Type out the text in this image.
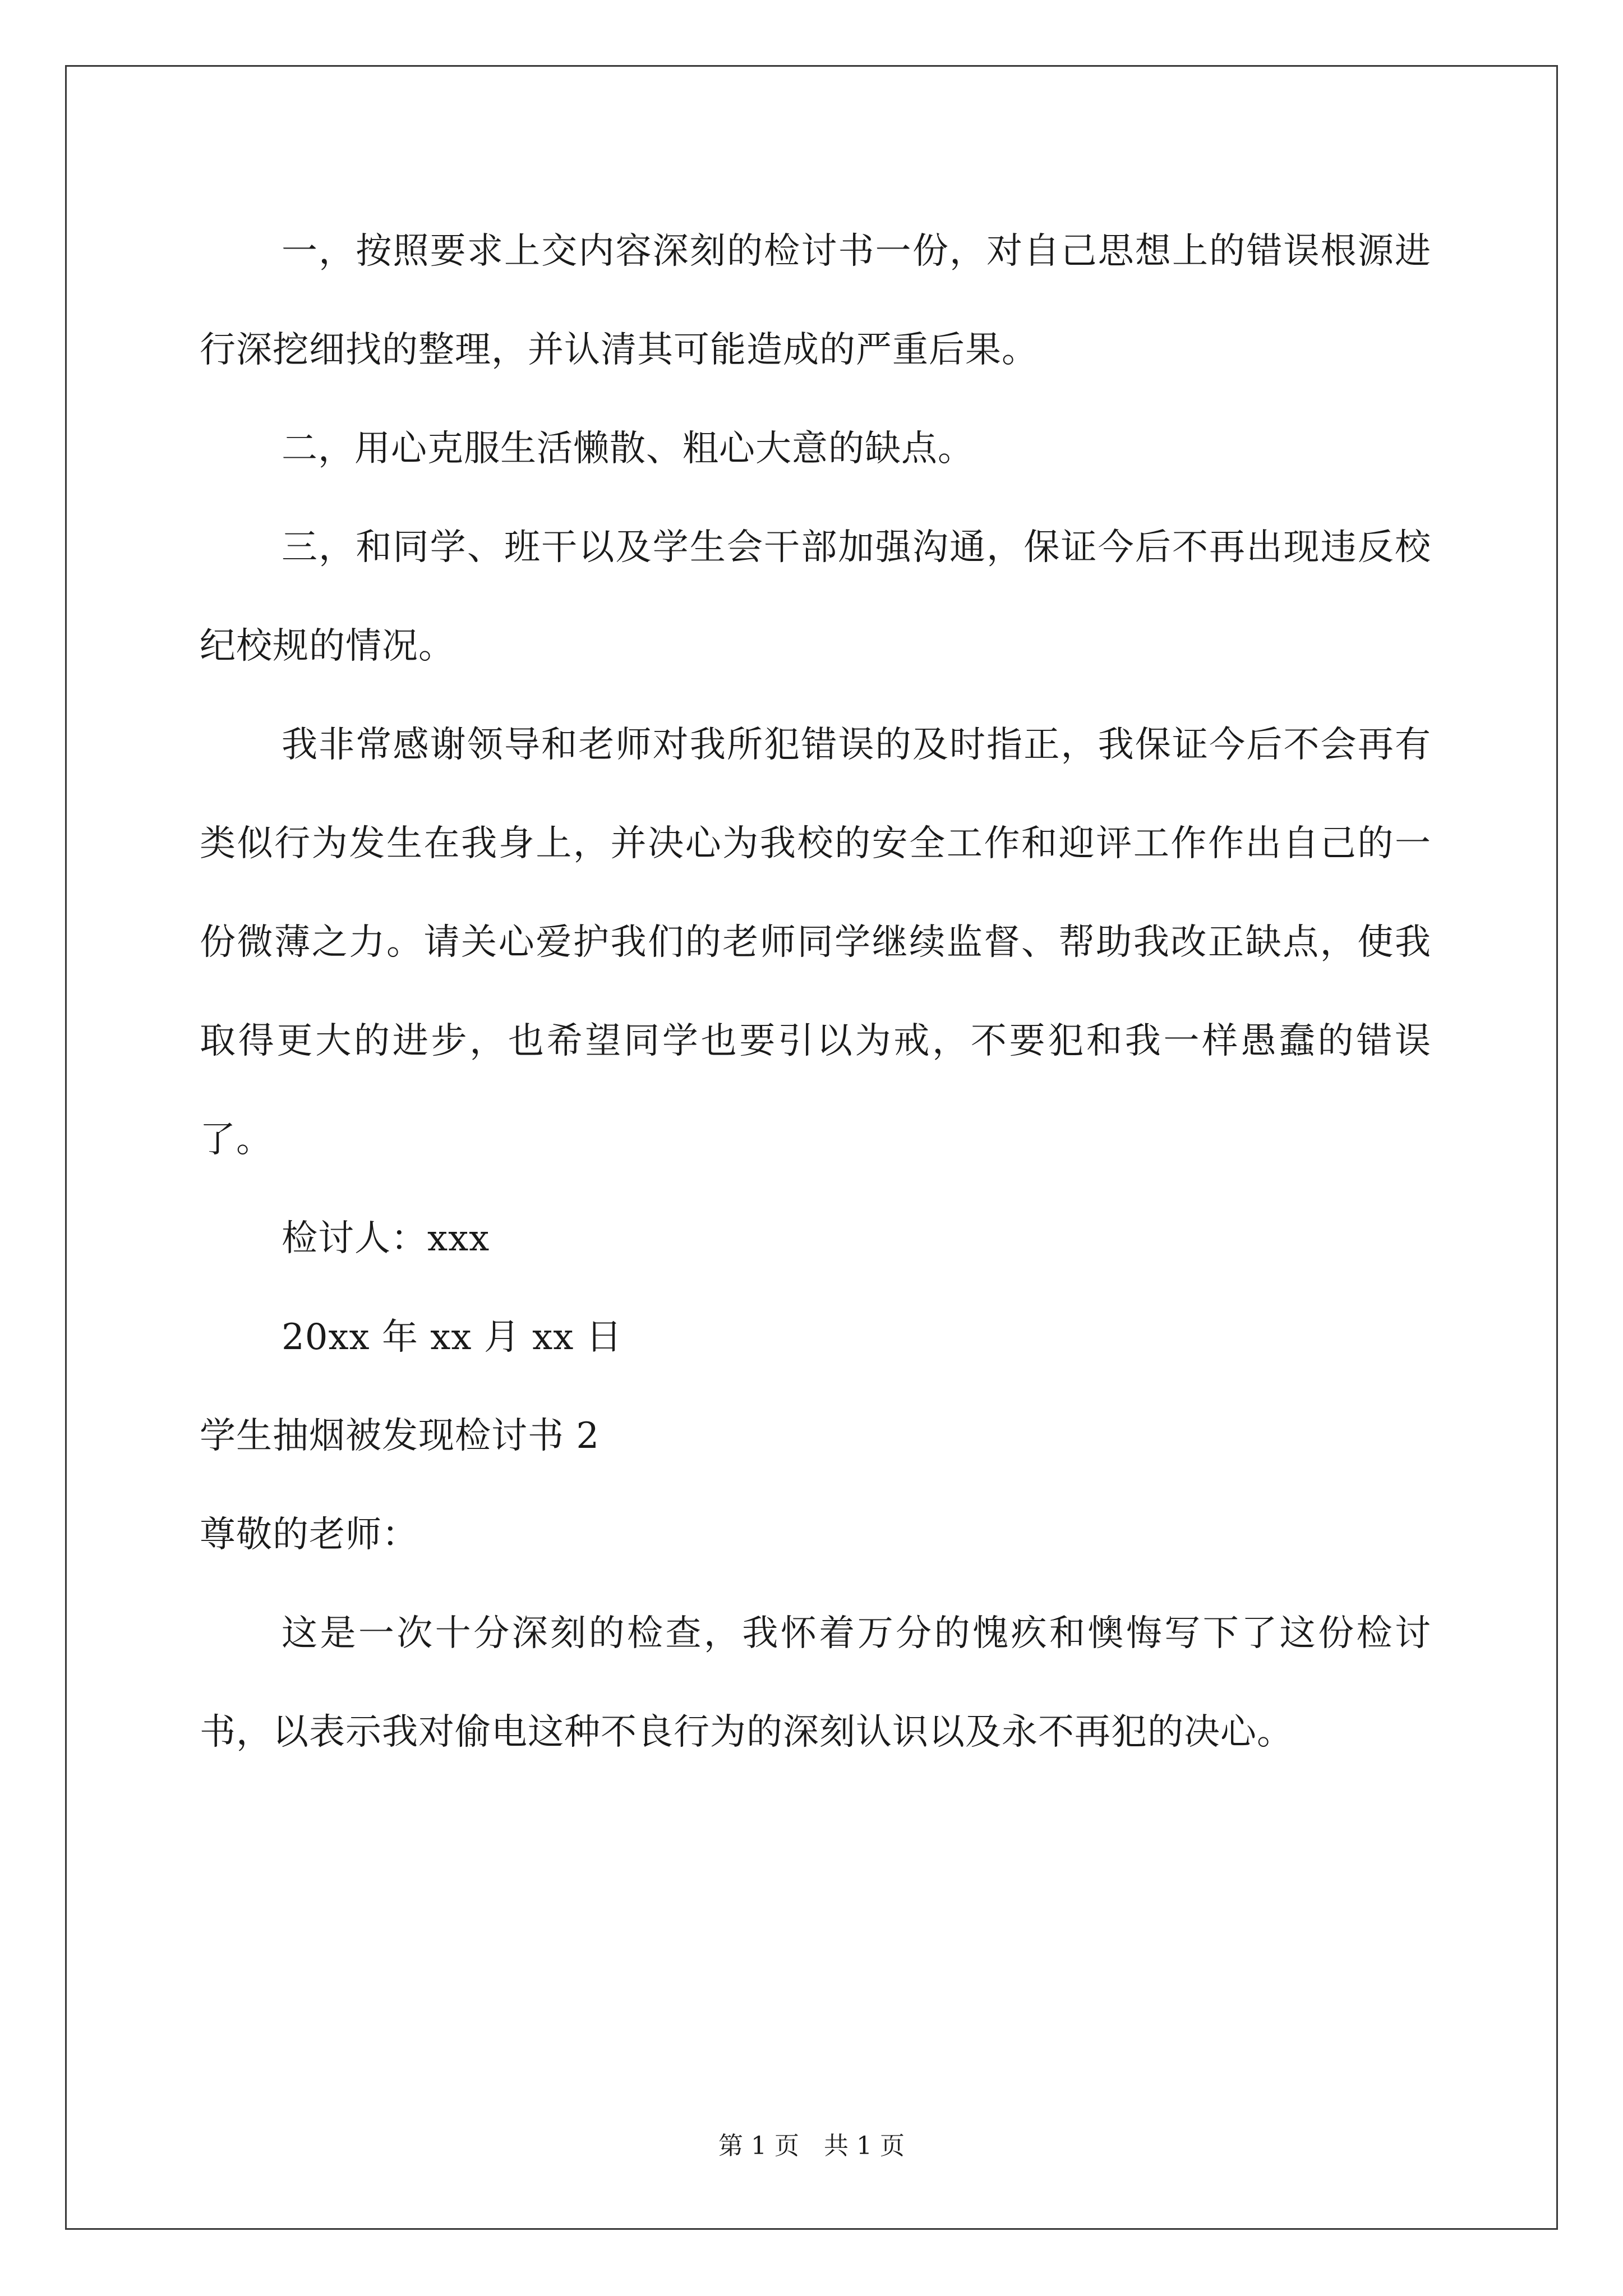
一，按照要求上交内容深刻的检讨书一份，对自己思想上的错误根源进行深挖细找的整理，并认清其可能造成的严重后果。

二，用心克服生活懒散、粗心大意的缺点。

三，和同学、班干以及学生会干部加强沟通，保证今后不再出现违反校纪校规的情况。

我非常感谢领导和老师对我所犯错误的及时指正，我保证今后不会再有类似行为发生在我身上，并决心为我校的安全工作和迎评工作作出自己的一份微薄之力。请关心爱护我们的老师同学继续监督、帮助我改正缺点，使我取得更大的进步，也希望同学也要引以为戒，不要犯和我一样愚蠢的错误了。

检讨人：xxx

20xx 年 xx 月 xx 日

学生抽烟被发现检讨书 2

尊敬的老师：

这是一次十分深刻的检查，我怀着万分的愧疚和懊悔写下了这份检讨书，以表示我对偷电这种不良行为的深刻认识以及永不再犯的决心。

第 1 页　共 1 页
